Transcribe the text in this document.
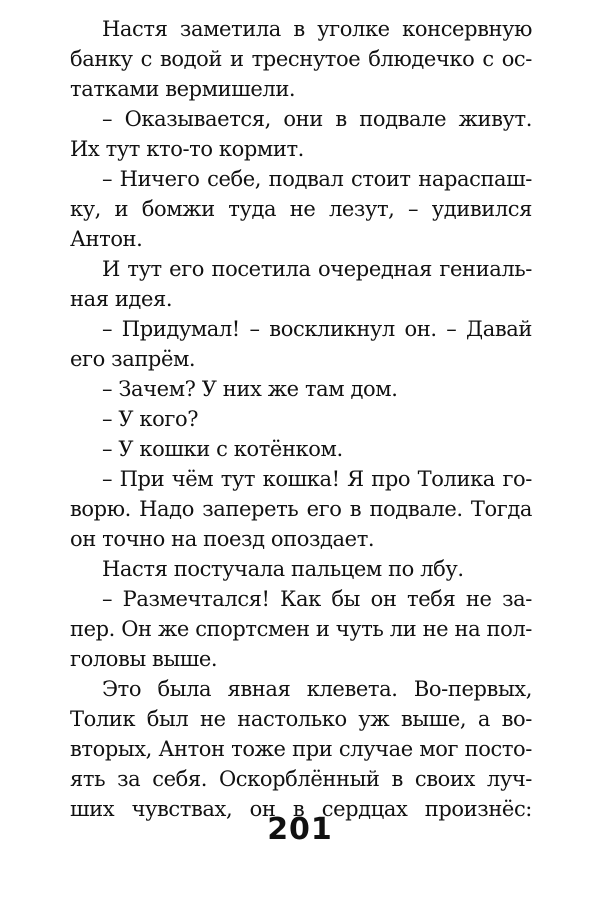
Настя заметила в уголке консервную
банку с водой и треснутое блюдечко с ос-
татками вермишели.
– Оказывается, они в подвале живут.
Их тут кто-то кормит.
– Ничего себе, подвал стоит нараспаш-
ку, и бомжи туда не лезут, – удивился
Антон.
И тут его посетила очередная гениаль-
ная идея.
– Придумал! – воскликнул он. – Давай
его запрём.
– Зачем? У них же там дом.
– У кого?
– У кошки с котёнком.
– При чём тут кошка! Я про Толика го-
ворю. Надо запереть его в подвале. Тогда
он точно на поезд опоздает.
Настя постучала пальцем по лбу.
– Размечтался! Как бы он тебя не за-
пер. Он же спортсмен и чуть ли не на пол-
головы выше.
Это была явная клевета. Во-первых,
Толик был не настолько уж выше, а во-
вторых, Антон тоже при случае мог посто-
ять за себя. Оскорблённый в своих луч-
ших чувствах, он в сердцах произнёс:
201
